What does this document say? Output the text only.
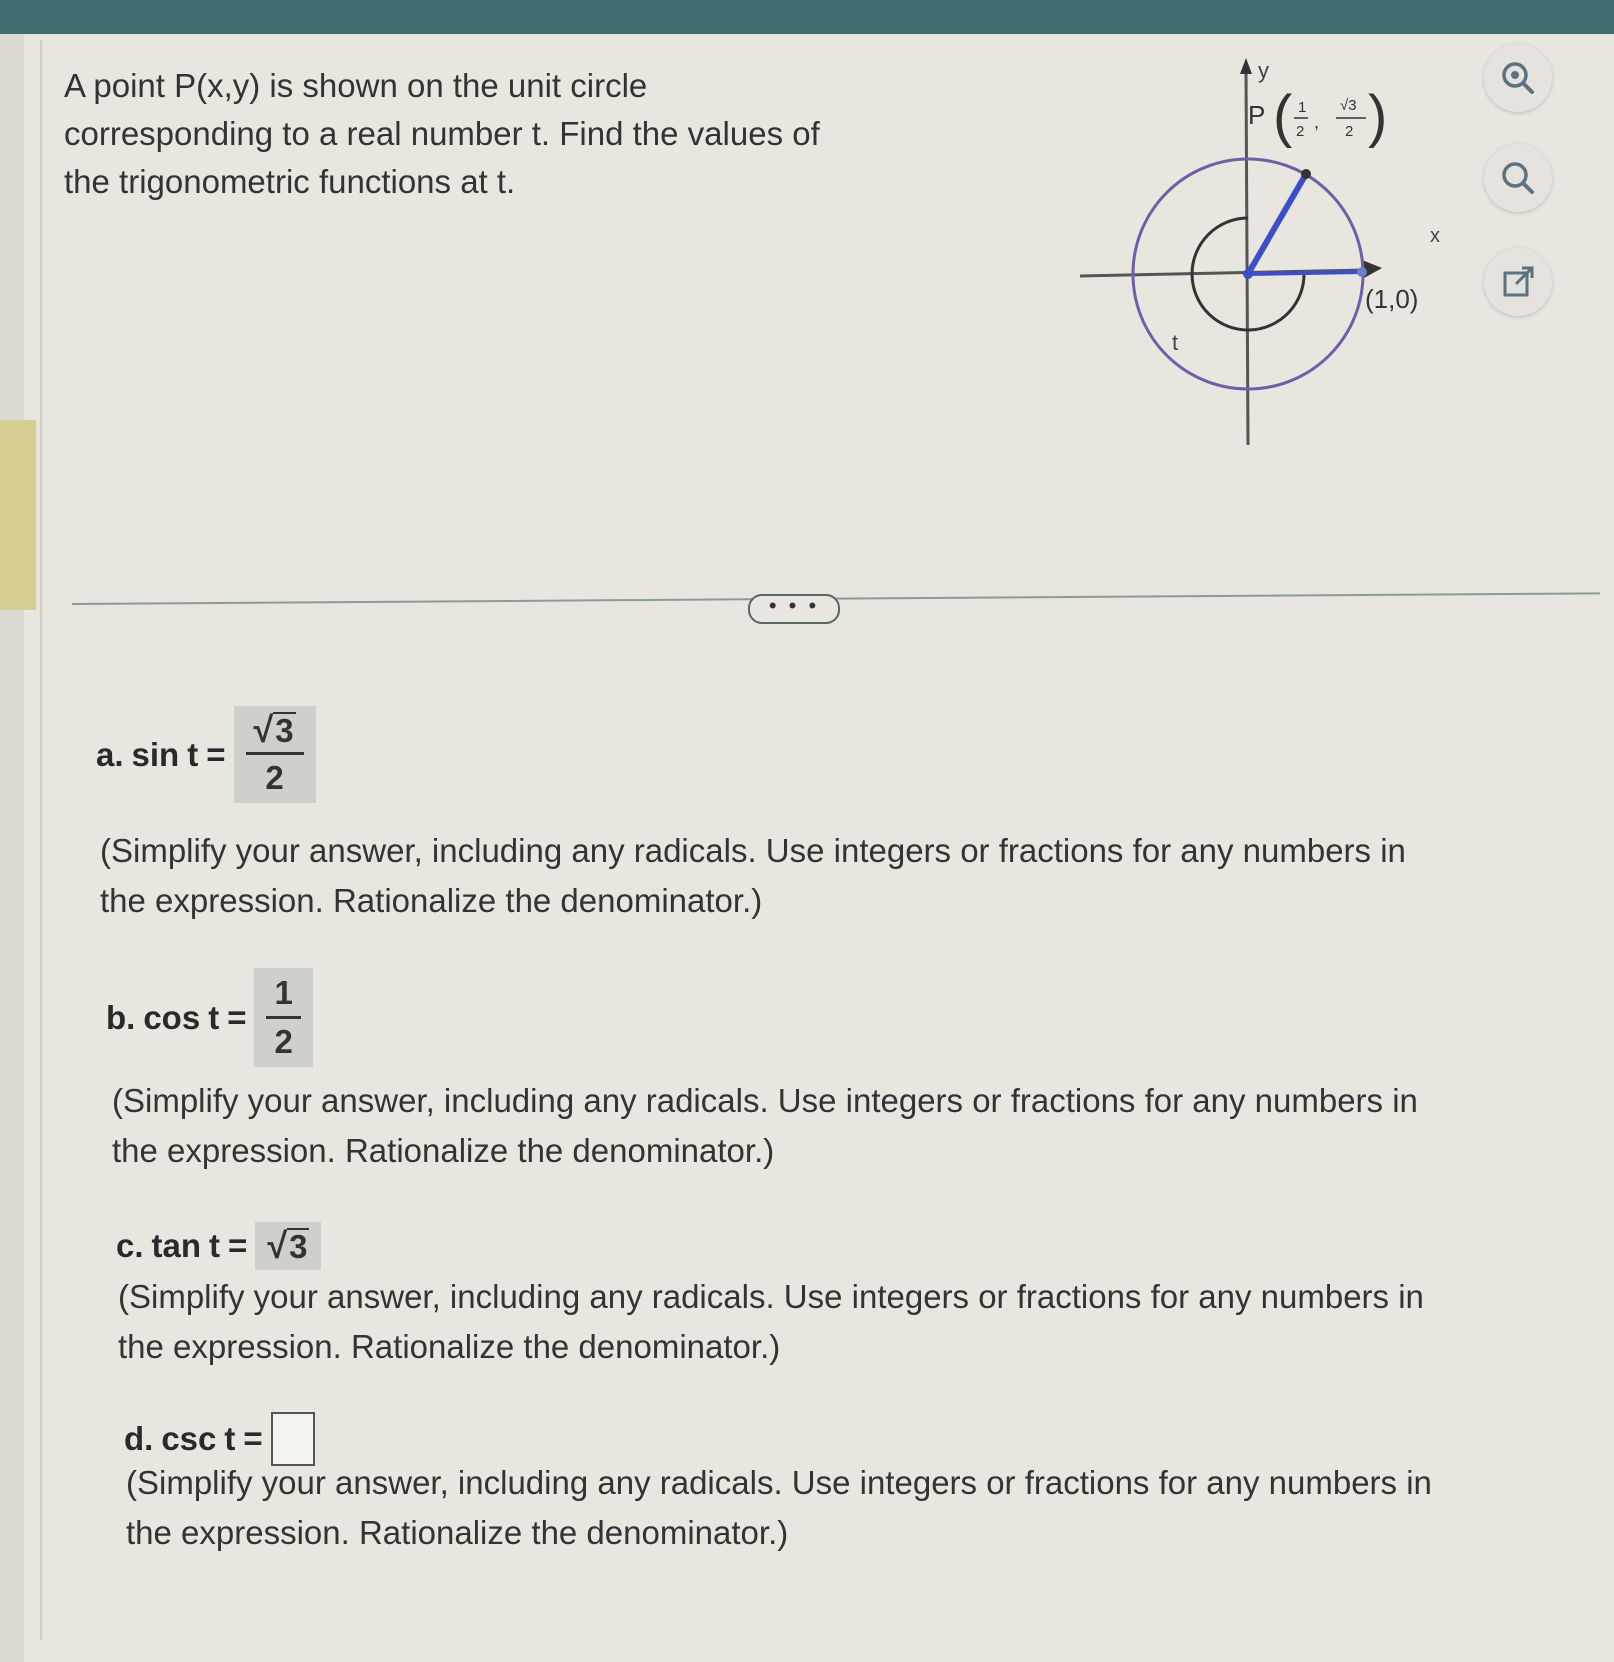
A point P(x,y) is shown on the unit circle
corresponding to a real number t. Find the values of
the trigonometric functions at t.
y
x
P ( 1
2 ,
√3
2 )
(1,0)
t
• • •
a. $\sin t = \frac{√ 3}{2}$
(Simplify your answer, including any radicals. Use integers or fractions for any numbers in
the expression. Rationalize the denominator.)
b. $\cos t = \frac{1}{2}$
(Simplify your answer, including any radicals. Use integers or fractions for any numbers in
the expression. Rationalize the denominator.)
c. tan t = √ 3
(Simplify your answer, including any radicals. Use integers or fractions for any numbers in
the expression. Rationalize the denominator.)
d. csc t =
(Simplify your answer, including any radicals. Use integers or fractions for any numbers in
the expression. Rationalize the denominator.)
